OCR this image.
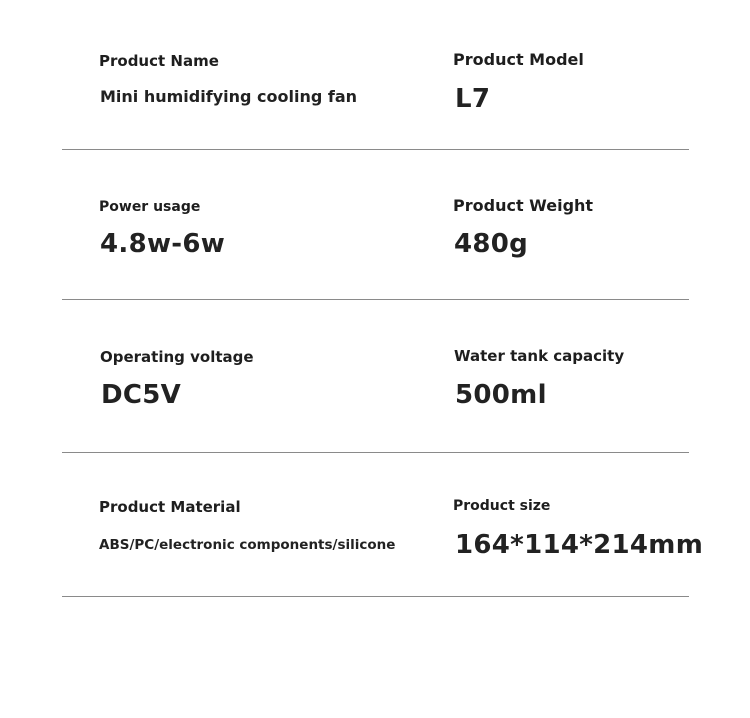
Product Name
Mini humidifying cooling fan
Product Model
L7
Power usage
4.8w-6w
Product Weight
480g
Operating voltage
DC5V
Water tank capacity
500ml
Product Material
ABS/PC/electronic components/silicone
Product size
164*114*214mm
